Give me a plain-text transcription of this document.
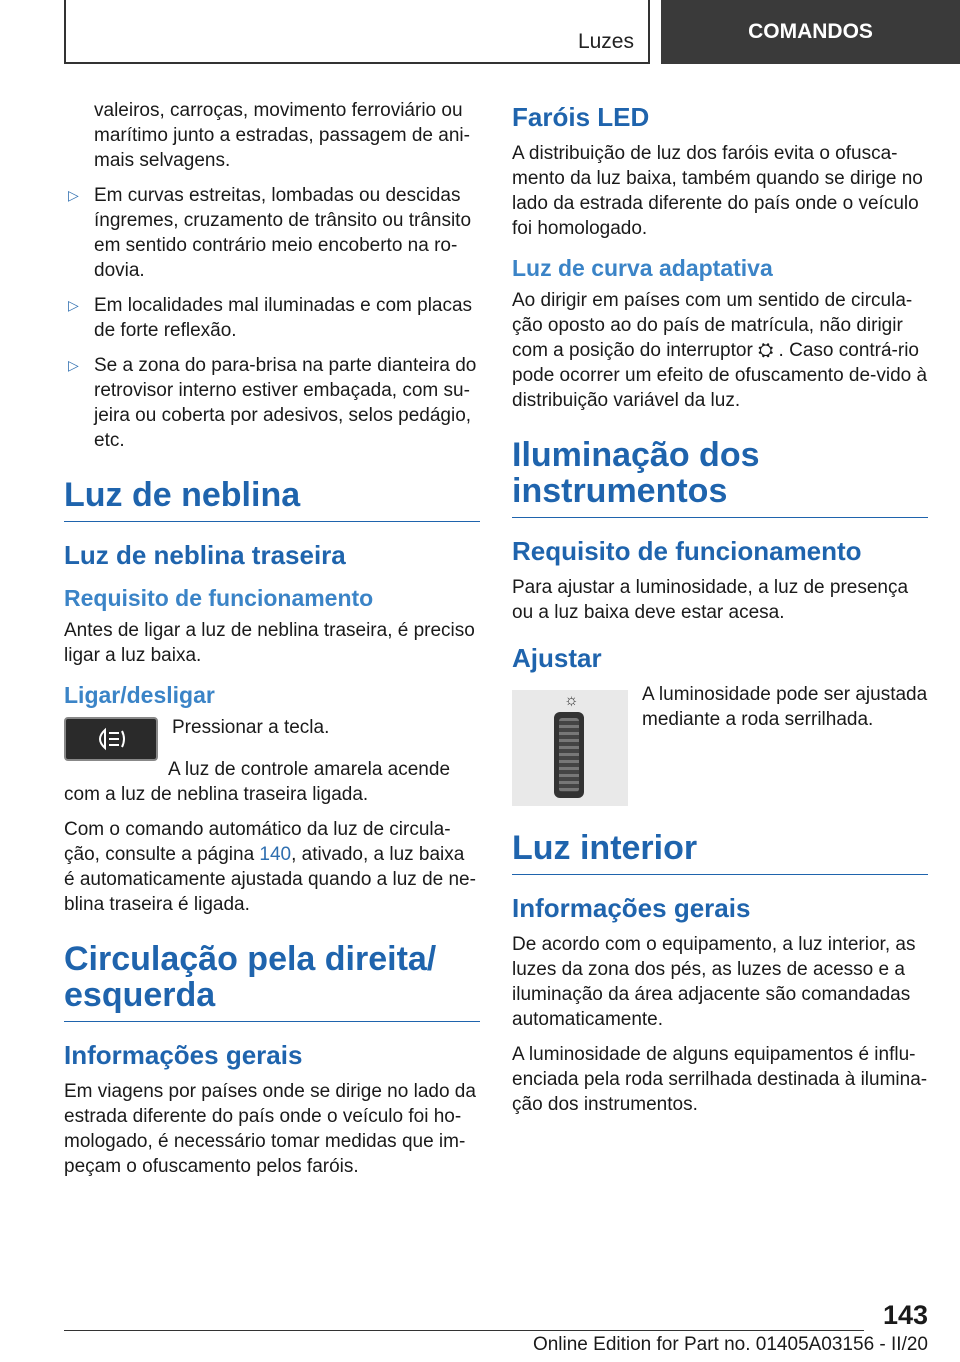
Luzes	COMANDOS

valeiros, carroças, movimento ferroviário ou marítimo junto a estradas, passagem de ani-mais selvagens.

▷ Em curvas estreitas, lombadas ou descidas íngremes, cruzamento de trânsito ou trânsito em sentido contrário meio encoberto na ro-dovia.
▷ Em localidades mal iluminadas e com placas de forte reflexão.
▷ Se a zona do para-brisa na parte dianteira do retrovisor interno estiver embaçada, com su-jeira ou coberta por adesivos, selos pedágio, etc.
Luz de neblina
Luz de neblina traseira
Requisito de funcionamento

Antes de ligar a luz de neblina traseira, é preciso ligar a luz baixa.

Ligar/desligar

Pressionar a tecla.

A luz de controle amarela acende com a luz de neblina traseira ligada.

Com o comando automático da luz de circula-ção, consulte a página 140, ativado, a luz baixa é automaticamente ajustada quando a luz de ne-blina traseira é ligada.

Circulação pela direita/ esquerda
Informações gerais

Em viagens por países onde se dirige no lado da estrada diferente do país onde o veículo foi ho-mologado, é necessário tomar medidas que im-peçam o ofuscamento pelos faróis.

Faróis LED

A distribuição de luz dos faróis evita o ofusca-mento da luz baixa, também quando se dirige no lado da estrada diferente do país onde o veículo foi homologado.

Luz de curva adaptativa

Ao dirigir em países com um sentido de circula-ção oposto ao do país de matrícula, não dirigir com a posição do interruptor ⛭ . Caso contrá-rio pode ocorrer um efeito de ofuscamento de-vido à distribuição variável da luz.

Iluminação dos instrumentos
Requisito de funcionamento

Para ajustar a luminosidade, a luz de presença ou a luz baixa deve estar acesa.

Ajustar
☼	A luminosidade pode ser ajustada mediante a roda serrilhada.

Luz interior
Informações gerais

De acordo com o equipamento, a luz interior, as luzes da zona dos pés, as luzes de acesso e a iluminação da área adjacente são comandadas automaticamente.

A luminosidade de alguns equipamentos é influ-enciada pela roda serrilhada destinada à ilumina-ção dos instrumentos.

143
Online Edition for Part no. 01405A03156 - II/20
